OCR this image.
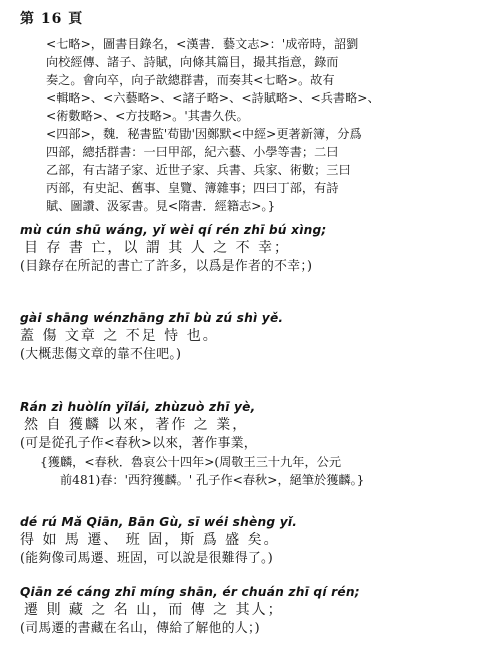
第 16 頁
<七略>，圖書目錄名，<漢書．藝文志>：'成帝時，詔劉
向校經傳、諸子、詩賦，向條其篇目，撮其指意，錄而
奏之。會向卒，向子歆總群書，而奏其<七略>。故有
<輯略>、<六藝略>、<諸子略>、<詩賦略>、<兵書略>、
<術數略>、<方技略>。'其書久佚。
<四部>，魏．秘書監'荀勖'因鄭默<中經>更著新簿，分爲
四部，總括群書：一曰甲部，紀六藝、小學等書；二曰
乙部，有古諸子家、近世子家、兵書、兵家、術數；三曰
丙部，有史記、舊事、皇覽、簿雜事；四曰丁部，有詩
賦、圖讚、汲冢書。見<隋書．經籍志>。}
mù cún shū wáng, yǐ wèi qí rén zhī bú xìng;
目 存 書 亡，以 謂 其 人 之 不 幸；
(目錄存在所記的書亡了許多，以爲是作者的不幸；)
gài shāng wénzhāng zhī bù zú shì yě.
蓋 傷 文章 之 不足 恃 也。
(大概悲傷文章的靠不住吧。)
Rán zì huòlín yǐlái, zhùzuò zhī yè,
然 自 獲麟 以來，著作 之 業，
(可是從孔子作<春秋>以來，著作事業，
{獲麟，<春秋．魯哀公十四年>(周敬王三十九年，公元
前481)春：'西狩獲麟。' 孔子作<春秋>，絕筆於獲麟。}
dé rú Mǎ Qiān, Bān Gù, sī wéi shèng yǐ.
得 如 馬 遷、 班 固，斯 爲 盛 矣。
(能夠像司馬遷、班固，可以說是很難得了。)
Qiān zé cáng zhī míng shān, ér chuán zhī qí rén;
遷 則 藏 之 名 山，而 傳 之 其人；
(司馬遷的書藏在名山，傳給了解他的人；)
